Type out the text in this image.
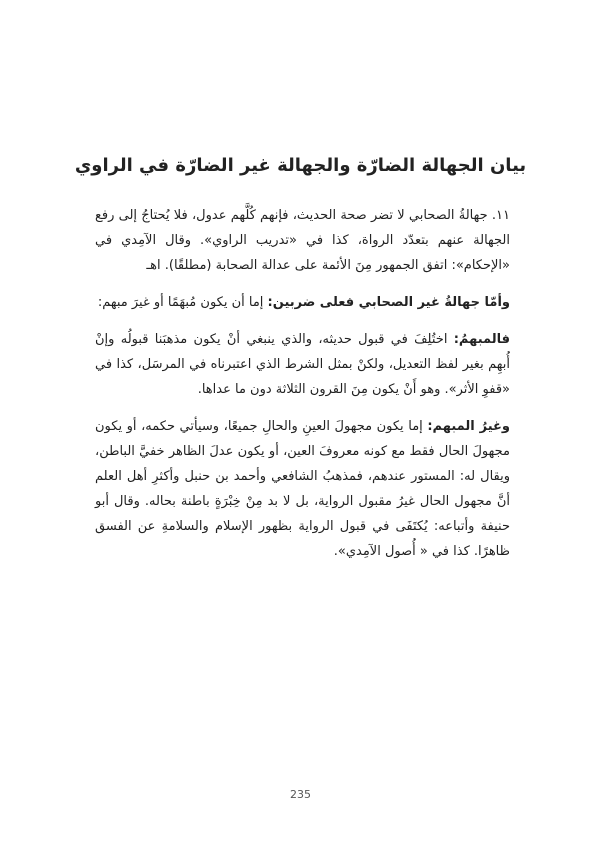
بيان الجهالة الضارّة والجهالة غير الضارّة في الراوي

١١. جهالةُ الصحابي لا تضر صحة الحديث، فإنهم كُلَّهم عدول، فلا يُحتاجُ إلى رفع الجهالة عنهم بتعدّد الرواة، كذا في «تدريب الراوي». وقال الآمِدي في «الإحكام»: اتفق الجمهور مِنَ الأئمة على عدالة الصحابة (مطلقًا). اهـ

وأمّا جهالةُ غير الصحابي فعلى ضربين: إما أن يكون مُبهَمًا أو غيرَ مبهم:

فالمبهمُ: اختُلِفَ في قبول حديثه، والذي ينبغي أنْ يكون مذهبَنا قبولُه وإنْ أُبهِم بغير لفظ التعديل، ولكنْ بمثل الشرط الذي اعتبرناه في المرسَل، كذا في «قفوِ الأثر». وهو أَنْ يكون مِنَ القرون الثلاثة دون ما عداها.

وغيرُ المبهم: إما يكون مجهولَ العينِ والحالِ جميعًا، وسيأتي حكمه، أو يكون مجهولَ الحال فقط مع كونه معروفَ العين، أو يكون عدلَ الظاهر خفيَّ الباطن، ويقال له: المستور عندهم، فمذهبُ الشافعي وأحمد بن حنبل وأكثرِ أهل العلم أنَّ مجهول الحال غيرُ مقبول الرواية، بل لا بد مِنْ خِبْرَةٍ باطنة بحاله. وقال أبو حنيفة وأتباعه: يُكتَفَى في قبول الرواية بظهور الإسلام والسلامةِ عن الفسق ظاهرًا. كذا في « أُصول الآمِدي».

235
